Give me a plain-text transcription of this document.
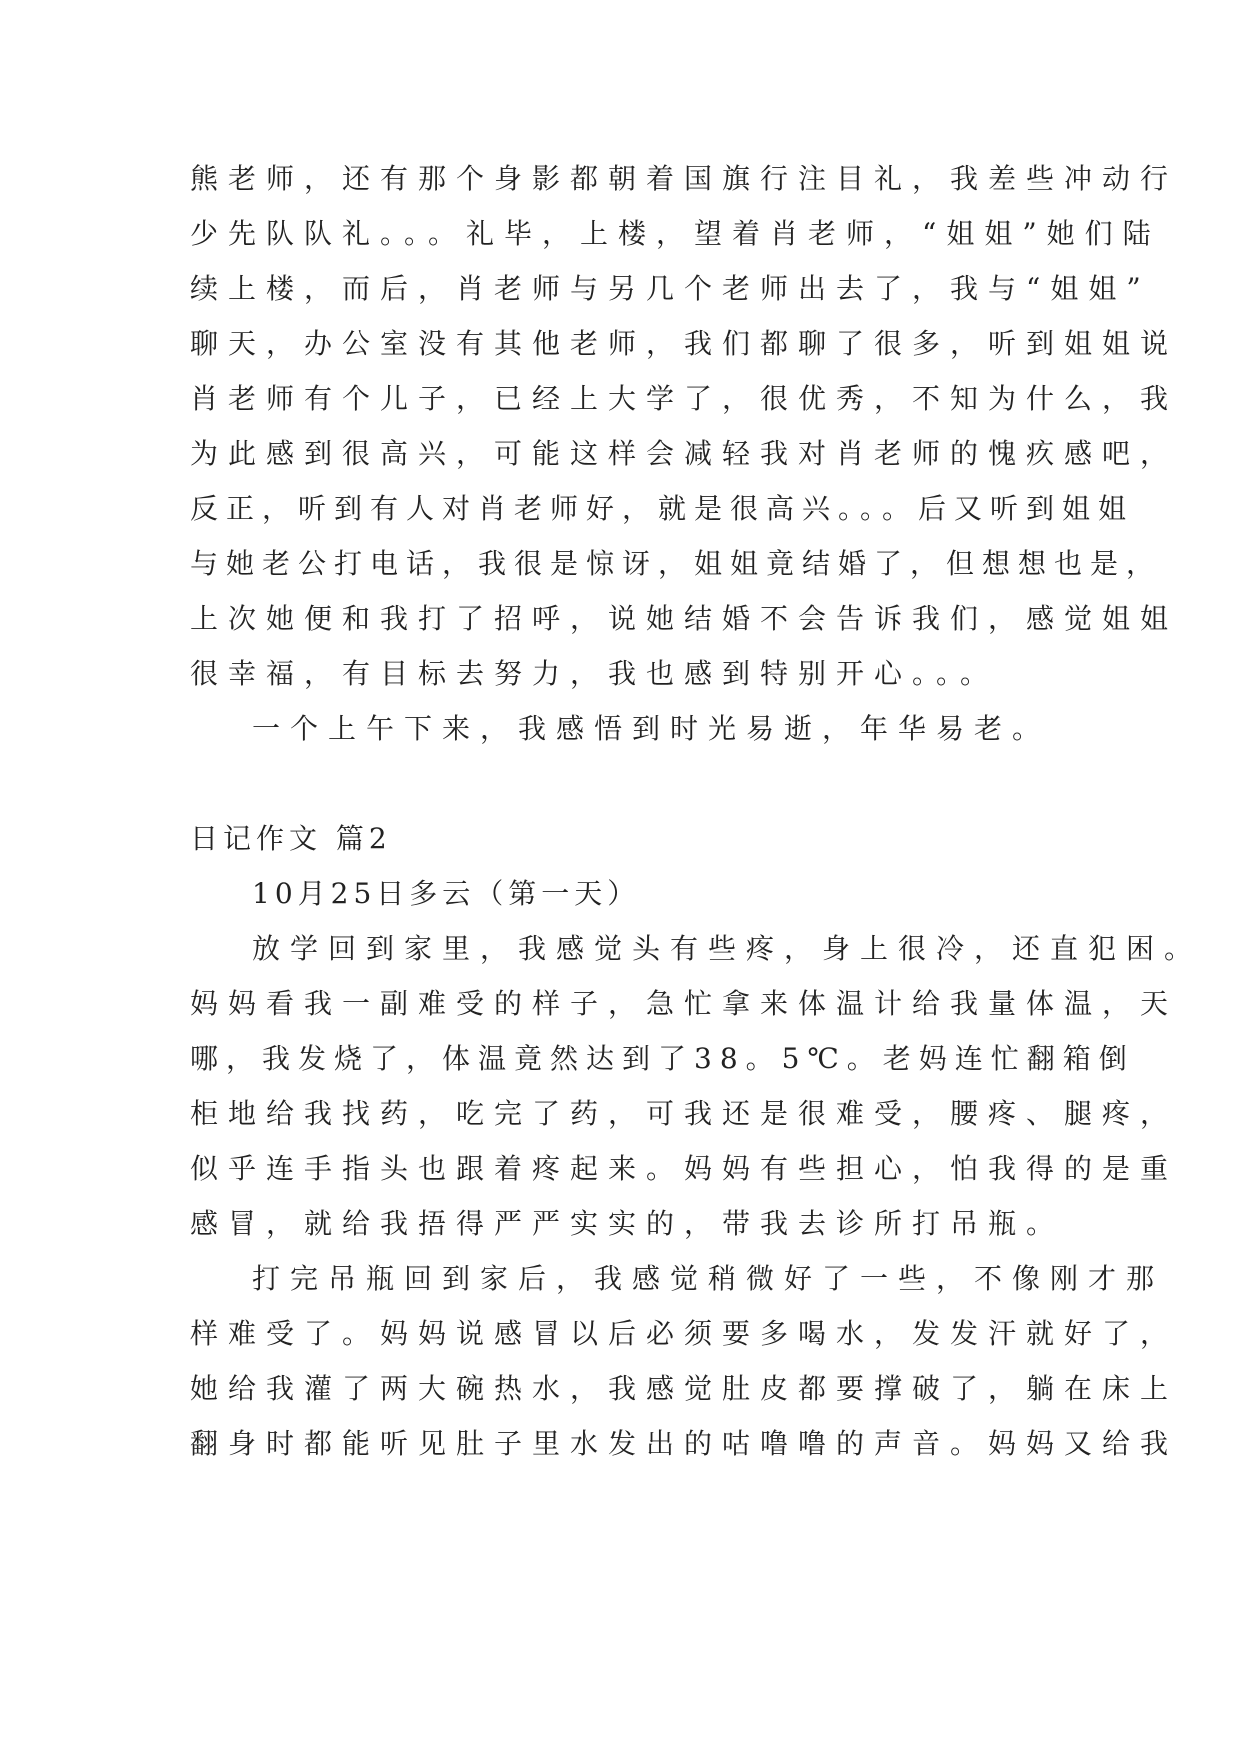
熊老师，还有那个身影都朝着国旗行注目礼，我差些冲动行

少先队队礼。。。礼毕，上楼，望着肖老师，“姐姐”她们陆

续上楼，而后，肖老师与另几个老师出去了，我与“姐姐”

聊天，办公室没有其他老师，我们都聊了很多，听到姐姐说

肖老师有个儿子，已经上大学了，很优秀，不知为什么，我

为此感到很高兴，可能这样会减轻我对肖老师的愧疚感吧，

反正，听到有人对肖老师好，就是很高兴。。。后又听到姐姐

与她老公打电话，我很是惊讶，姐姐竟结婚了，但想想也是，

上次她便和我打了招呼，说她结婚不会告诉我们，感觉姐姐

很幸福，有目标去努力，我也感到特别开心。。。

一个上午下来，我感悟到时光易逝，年华易老。

日记作文 篇2

10月25日多云（第一天）

放学回到家里，我感觉头有些疼，身上很冷，还直犯困。

妈妈看我一副难受的样子，急忙拿来体温计给我量体温，天

哪，我发烧了，体温竟然达到了38。5℃。老妈连忙翻箱倒

柜地给我找药，吃完了药，可我还是很难受，腰疼、腿疼，

似乎连手指头也跟着疼起来。妈妈有些担心，怕我得的是重

感冒，就给我捂得严严实实的，带我去诊所打吊瓶。

打完吊瓶回到家后，我感觉稍微好了一些，不像刚才那

样难受了。妈妈说感冒以后必须要多喝水，发发汗就好了，

她给我灌了两大碗热水，我感觉肚皮都要撑破了，躺在床上

翻身时都能听见肚子里水发出的咕噜噜的声音。妈妈又给我
